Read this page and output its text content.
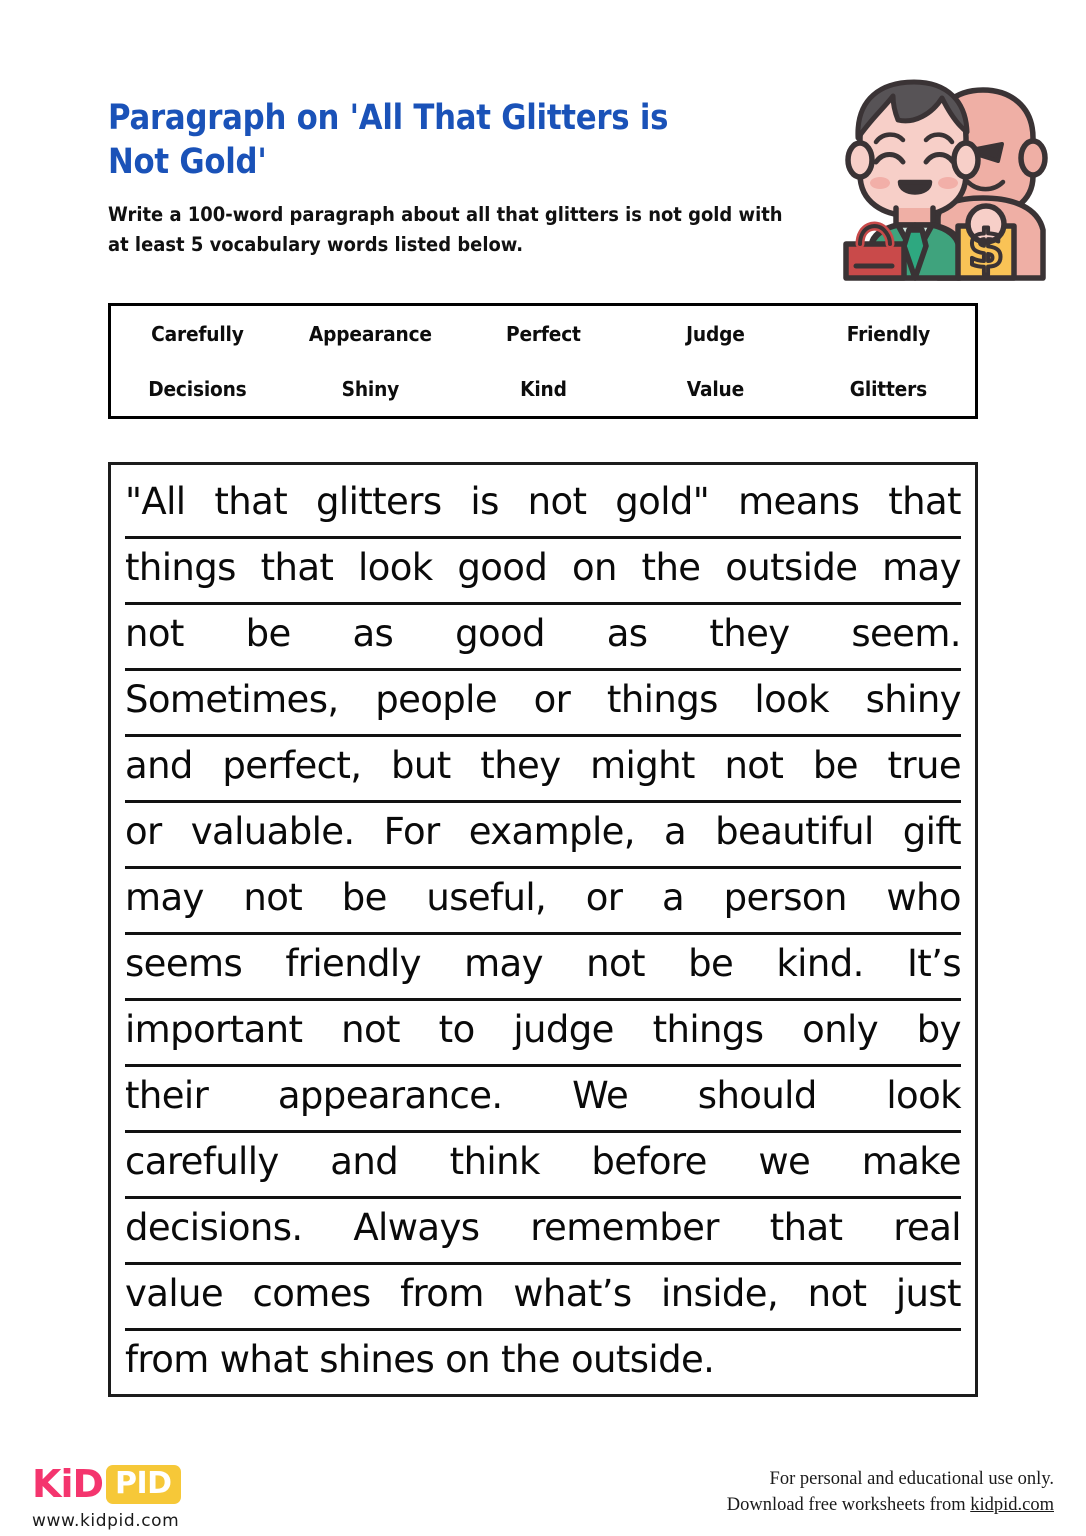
Paragraph on 'All That Glitters is Not Gold'
Write a 100-word paragraph about all that glitters is not gold with at least 5 vocabulary words listed below.	$
Carefully	Appearance	Perfect	Judge	Friendly
Decisions	Shiny	Kind	Value	Glitters
"All that glitters is not gold" means that
things that look good on the outside may
not be as good as they seem.
Sometimes, people or things look shiny
and perfect, but they might not be true
or valuable. For example, a beautiful gift
may not be useful, or a person who
seems friendly may not be kind. It’s
important not to judge things only by
their appearance. We should look
carefully and think before we make
decisions. Always remember that real
value comes from what’s inside, not just
from what shines on the outside.
KiD PID
www.kidpid.com
For personal and educational use only.
Download free worksheets from kidpid.com
